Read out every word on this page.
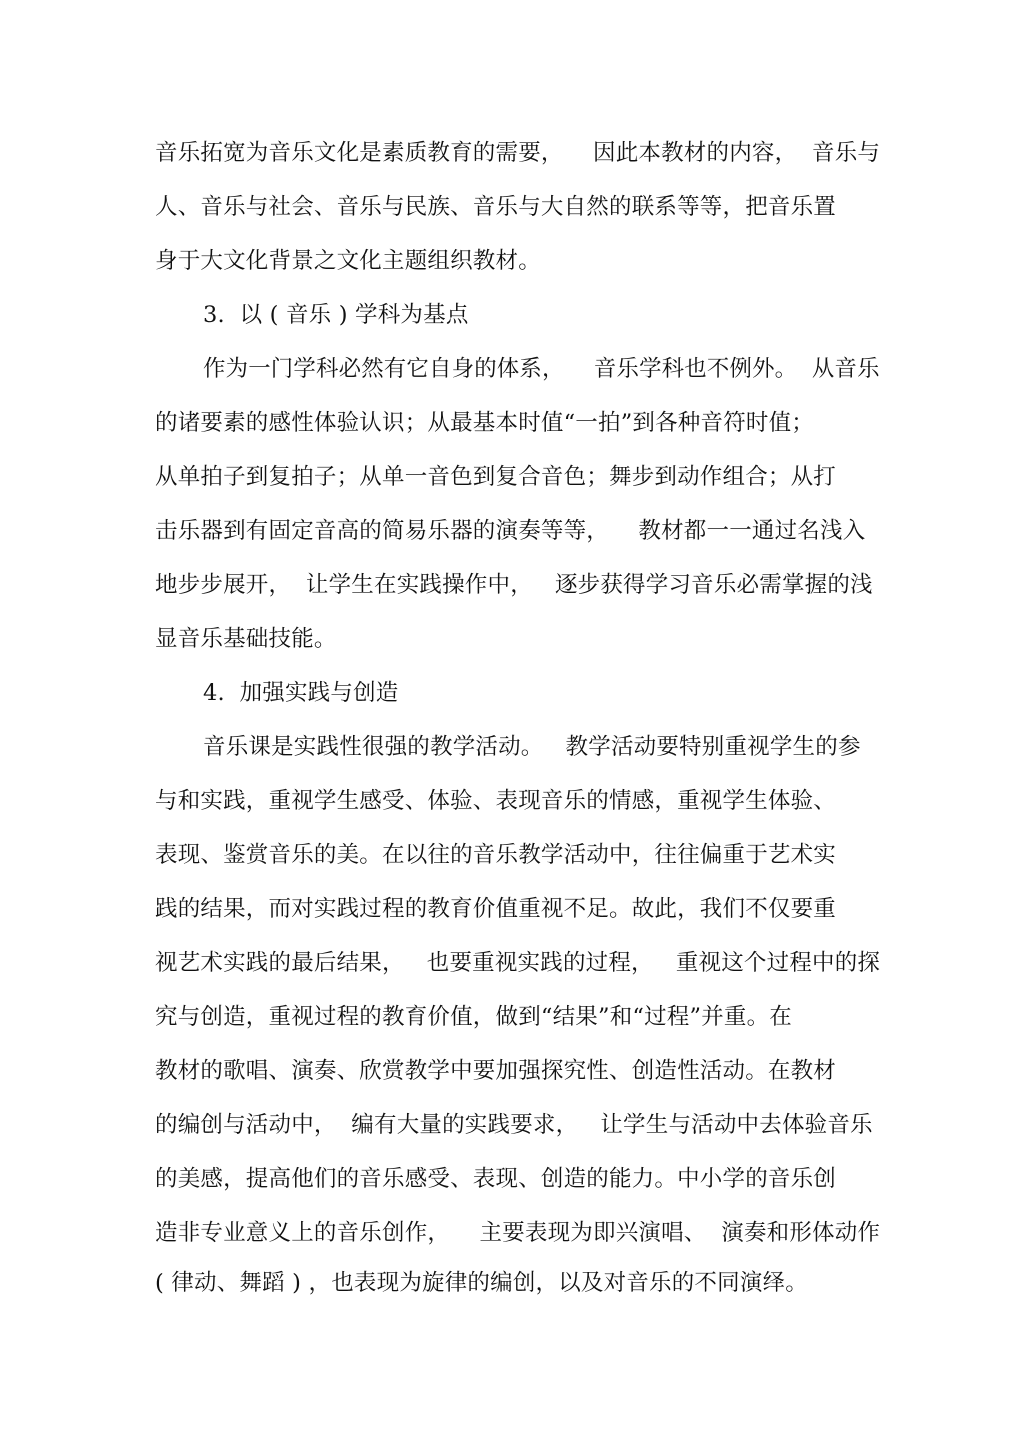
音乐拓宽为音乐文化是素质教育的需要，    因此本教材的内容，  音乐与
人、音乐与社会、音乐与民族、音乐与大自然的联系等等，把音乐置
身于大文化背景之文化主题组织教材。
3.  以 ( 音乐 ) 学科为基点
作为一门学科必然有它自身的体系，    音乐学科也不例外。  从音乐
的诸要素的感性体验认识；从最基本时值“一拍”到各种音符时值；
从单拍子到复拍子；从单一音色到复合音色；舞步到动作组合；从打
击乐器到有固定音高的简易乐器的演奏等等，    教材都一一通过名浅入
地步步展开，  让学生在实践操作中，   逐步获得学习音乐必需掌握的浅
显音乐基础技能。
4.  加强实践与创造
音乐课是实践性很强的教学活动。   教学活动要特别重视学生的参
与和实践，重视学生感受、体验、表现音乐的情感，重视学生体验、
表现、鉴赏音乐的美。在以往的音乐教学活动中，往往偏重于艺术实
践的结果，而对实践过程的教育价值重视不足。故此，我们不仅要重
视艺术实践的最后结果，   也要重视实践的过程，   重视这个过程中的探
究与创造，重视过程的教育价值，做到“结果”和“过程”并重。在
教材的歌唱、演奏、欣赏教学中要加强探究性、创造性活动。在教材
的编创与活动中，  编有大量的实践要求，   让学生与活动中去体验音乐
的美感，提高他们的音乐感受、表现、创造的能力。中小学的音乐创
造非专业意义上的音乐创作，    主要表现为即兴演唱、  演奏和形体动作
( 律动、舞蹈 ) ，也表现为旋律的编创，以及对音乐的不同演绎。
